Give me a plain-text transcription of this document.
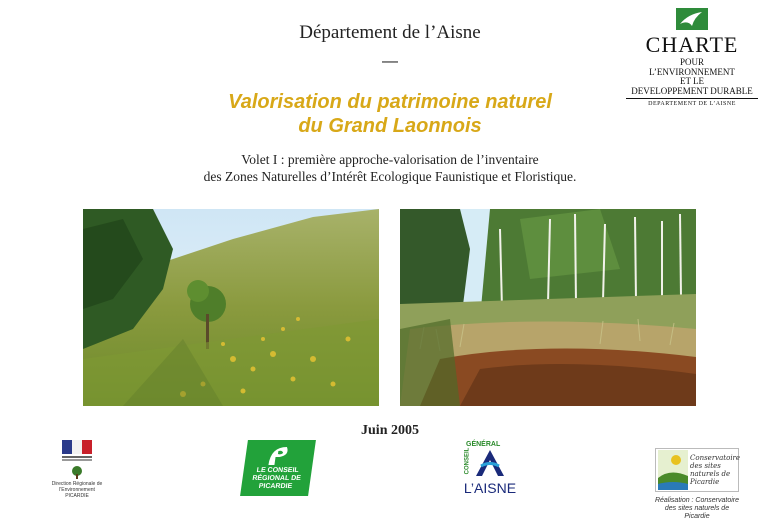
Département de l’Aisne
—
Valorisation du patrimoine naturel
du Grand Laonnois
Volet I : première approche-valorisation de l’inventaire
des Zones Naturelles d’Intérêt Ecologique Faunistique et Floristique.
CHARTE
POUR
L’ENVIRONNEMENT
ET LE
DEVELOPPEMENT DURABLE
DEPARTEMENT DE L’AISNE
Juin 2005
Direction Régionale de l’Environnement
PICARDIE
LE CONSEIL RÉGIONAL DE PICARDIE
GÉNÉRAL
CONSEIL
L’AISNE
Conservatoire des sites naturels de Picardie
Réalisation : Conservatoire des sites naturels de Picardie
